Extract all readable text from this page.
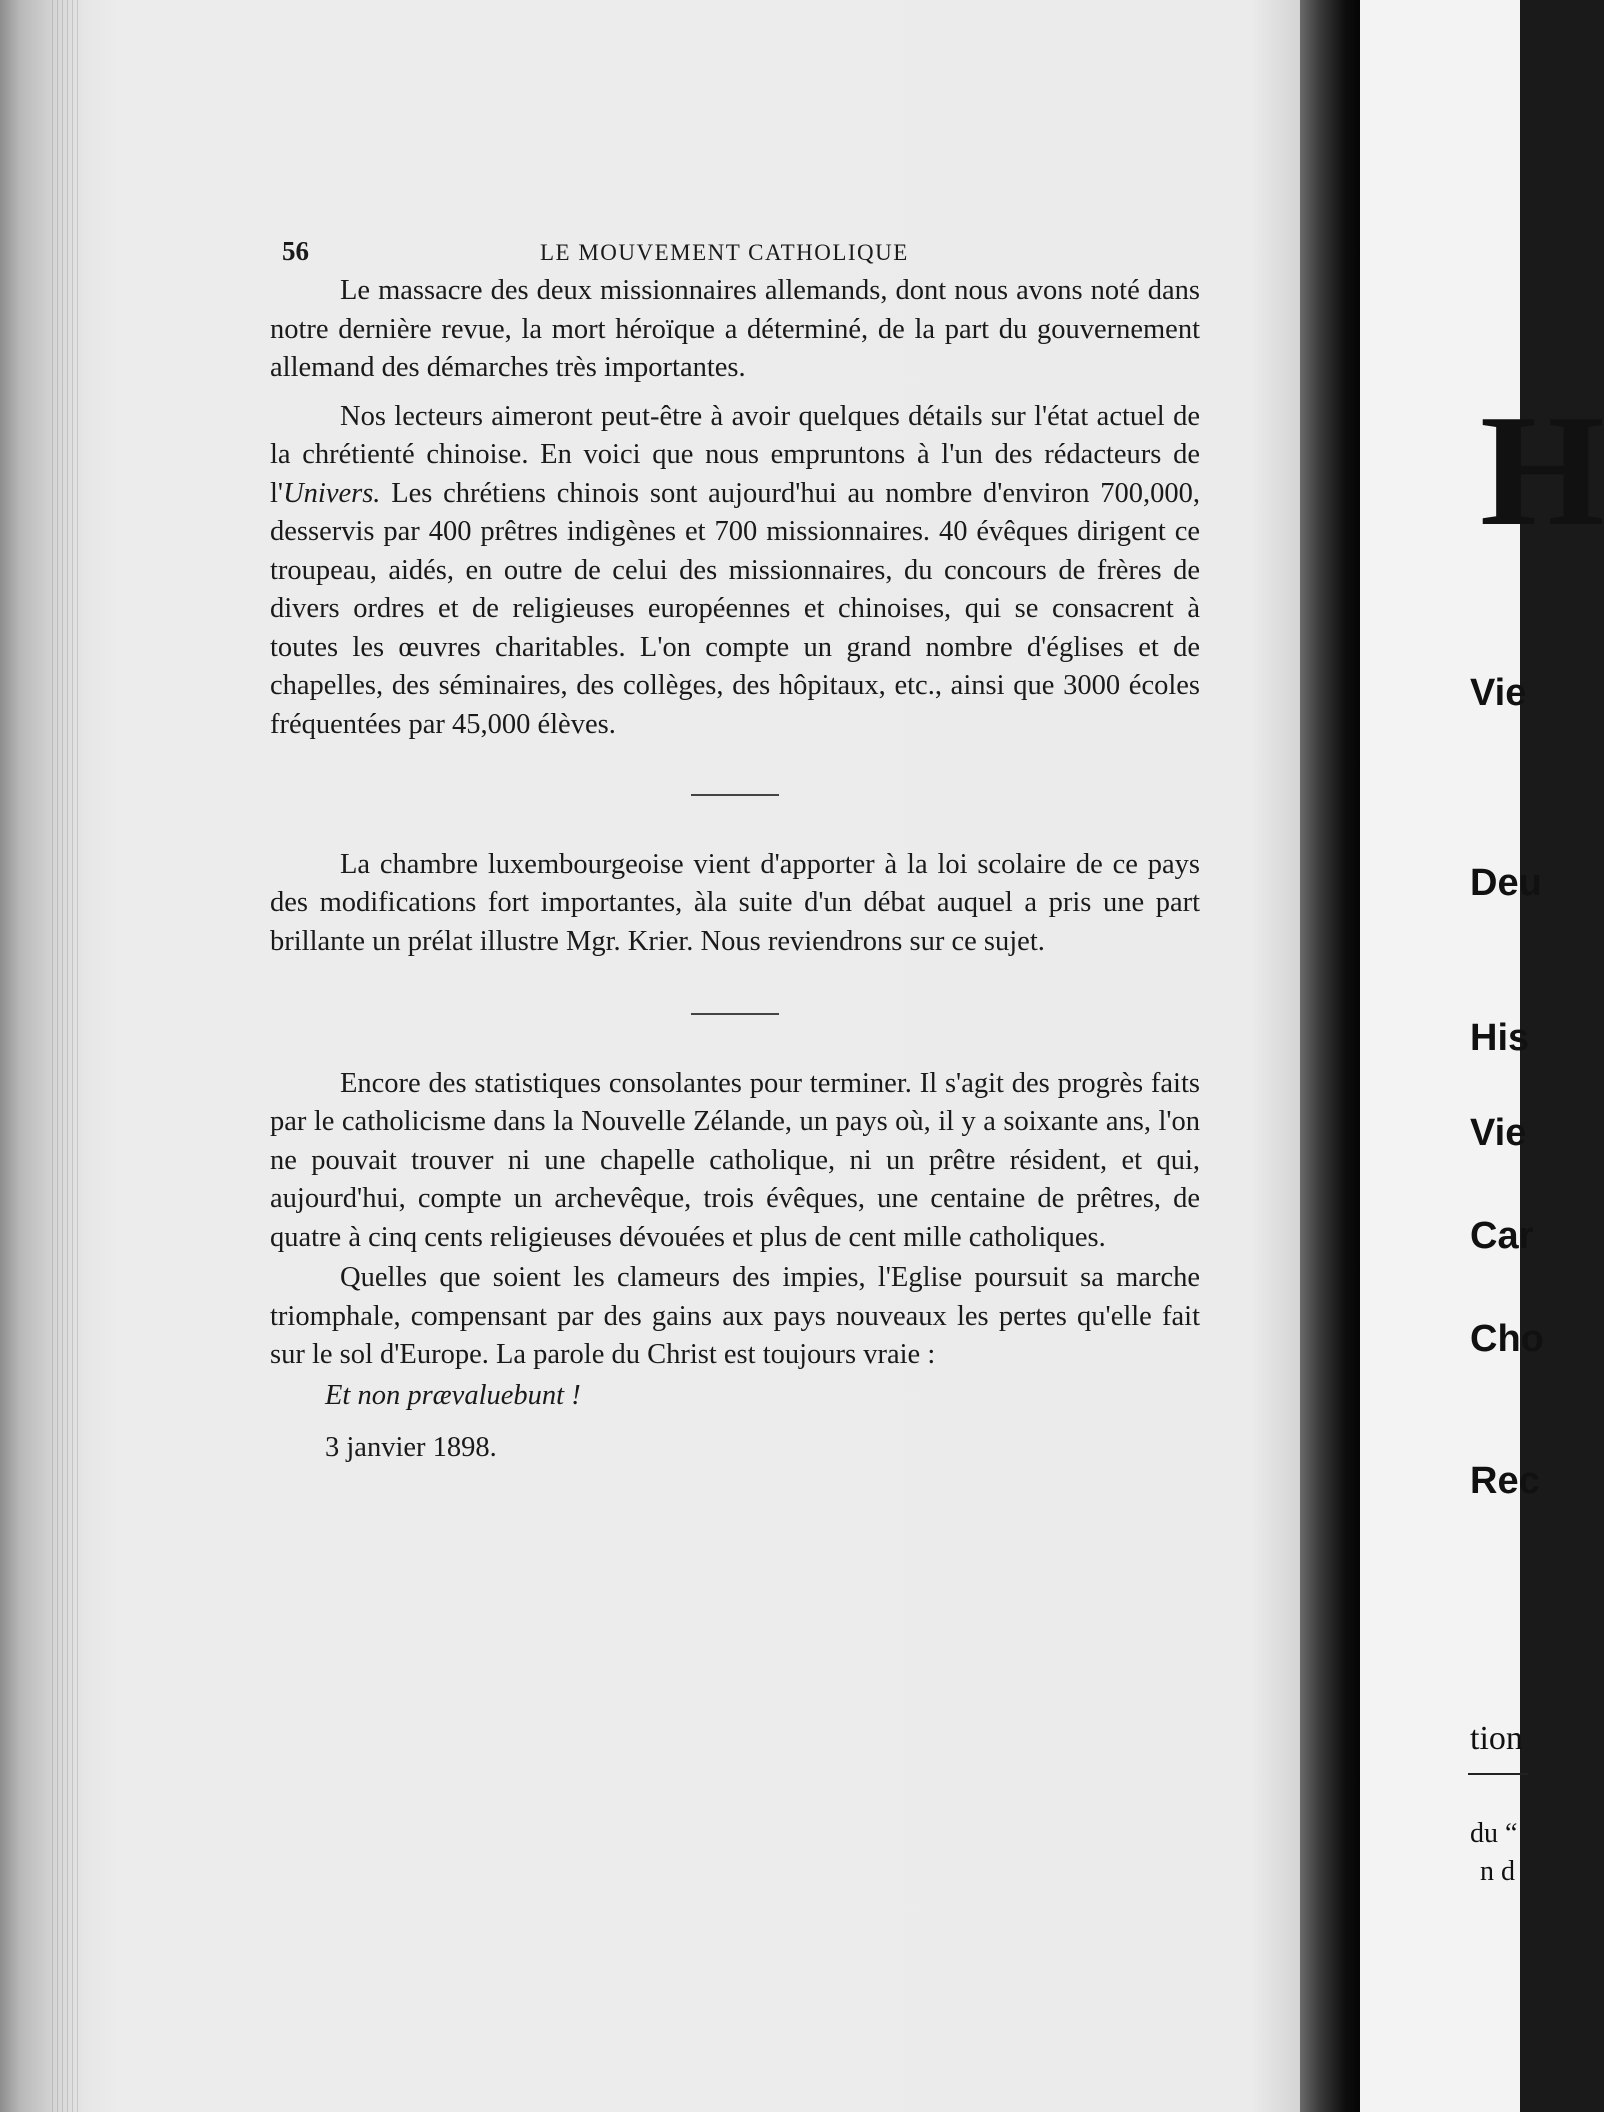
56	LE MOUVEMENT CATHOLIQUE

Le massacre des deux missionnaires allemands, dont nous avons noté dans notre dernière revue, la mort héroïque a déterminé, de la part du gouvernement allemand des démarches très importantes.

Nos lecteurs aimeront peut-être à avoir quelques détails sur l'état actuel de la chrétienté chinoise. En voici que nous empruntons à l'un des rédacteurs de l'Univers. Les chrétiens chinois sont aujourd'hui au nombre d'environ 700,000, desservis par 400 prêtres indigènes et 700 missionnaires. 40 évêques dirigent ce troupeau, aidés, en outre de celui des missionnaires, du concours de frères de divers ordres et de religieuses européennes et chinoises, qui se consacrent à toutes les œuvres charitables. L'on compte un grand nombre d'églises et de chapelles, des séminaires, des collèges, des hôpitaux, etc., ainsi que 3000 écoles fréquentées par 45,000 élèves.

La chambre luxembourgeoise vient d'apporter à la loi scolaire de ce pays des modifications fort importantes, àla suite d'un débat auquel a pris une part brillante un prélat illustre Mgr. Krier. Nous reviendrons sur ce sujet.

Encore des statistiques consolantes pour terminer. Il s'agit des progrès faits par le catholicisme dans la Nouvelle Zélande, un pays où, il y a soixante ans, l'on ne pouvait trouver ni une chapelle catholique, ni un prêtre résident, et qui, aujourd'hui, compte un archevêque, trois évêques, une centaine de prêtres, de quatre à cinq cents religieuses dévouées et plus de cent mille catholiques.

Quelles que soient les clameurs des impies, l'Eglise poursuit sa marche triomphale, compensant par des gains aux pays nouveaux les pertes qu'elle fait sur le sol d'Europe. La parole du Christ est toujours vraie :

Et non prævaluebunt !
3 janvier 1898.
H
Vie
Deu
His
Vie
Car
Cho
Rec
tion
du “
n d
